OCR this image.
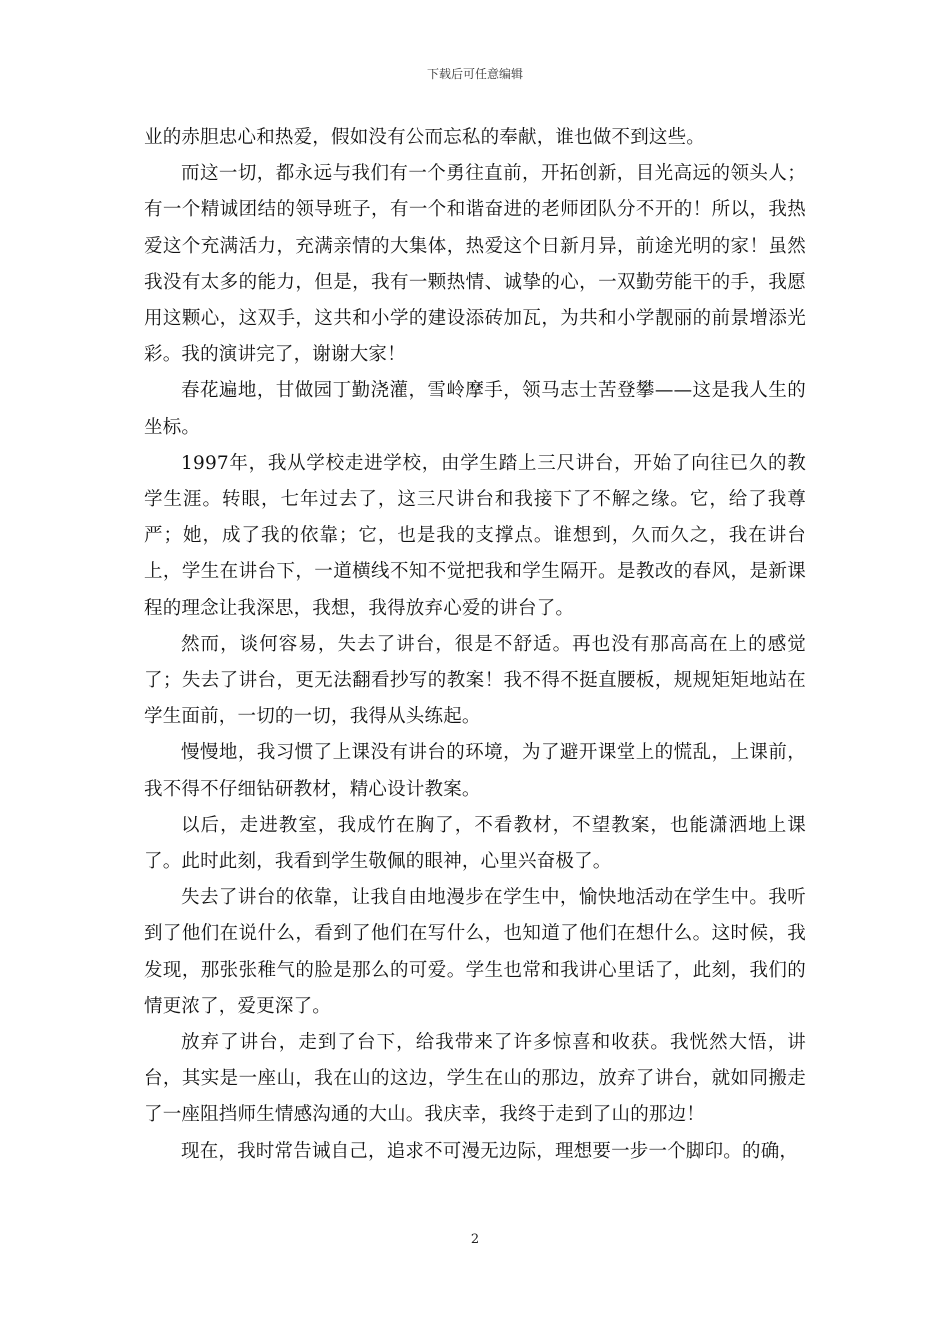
下载后可任意编辑

业的赤胆忠心和热爱，假如没有公而忘私的奉献，谁也做不到这些。

而这一切，都永远与我们有一个勇往直前，开拓创新，目光高远的领头人；有一个精诚团结的领导班子，有一个和谐奋进的老师团队分不开的！所以，我热爱这个充满活力，充满亲情的大集体，热爱这个日新月异，前途光明的家！虽然我没有太多的能力，但是，我有一颗热情、诚挚的心，一双勤劳能干的手，我愿用这颗心，这双手，这共和小学的建设添砖加瓦，为共和小学靓丽的前景增添光彩。我的演讲完了，谢谢大家！

春花遍地，甘做园丁勤浇灌，雪岭摩手，领马志士苦登攀——这是我人生的坐标。

1997年，我从学校走进学校，由学生踏上三尺讲台，开始了向往已久的教学生涯。转眼，七年过去了，这三尺讲台和我接下了不解之缘。它，给了我尊严；她，成了我的依靠；它，也是我的支撑点。谁想到，久而久之，我在讲台上，学生在讲台下，一道横线不知不觉把我和学生隔开。是教改的春风，是新课程的理念让我深思，我想，我得放弃心爱的讲台了。

然而，谈何容易，失去了讲台，很是不舒适。再也没有那高高在上的感觉了；失去了讲台，更无法翻看抄写的教案！我不得不挺直腰板，规规矩矩地站在学生面前，一切的一切，我得从头练起。

慢慢地，我习惯了上课没有讲台的环境，为了避开课堂上的慌乱，上课前，我不得不仔细钻研教材，精心设计教案。

以后，走进教室，我成竹在胸了，不看教材，不望教案，也能潇洒地上课了。此时此刻，我看到学生敬佩的眼神，心里兴奋极了。

失去了讲台的依靠，让我自由地漫步在学生中，愉快地活动在学生中。我听到了他们在说什么，看到了他们在写什么，也知道了他们在想什么。这时候，我发现，那张张稚气的脸是那么的可爱。学生也常和我讲心里话了，此刻，我们的情更浓了，爱更深了。

放弃了讲台，走到了台下，给我带来了许多惊喜和收获。我恍然大悟，讲台，其实是一座山，我在山的这边，学生在山的那边，放弃了讲台，就如同搬走了一座阻挡师生情感沟通的大山。我庆幸，我终于走到了山的那边！

现在，我时常告诫自己，追求不可漫无边际，理想要一步一个脚印。的确，

2
